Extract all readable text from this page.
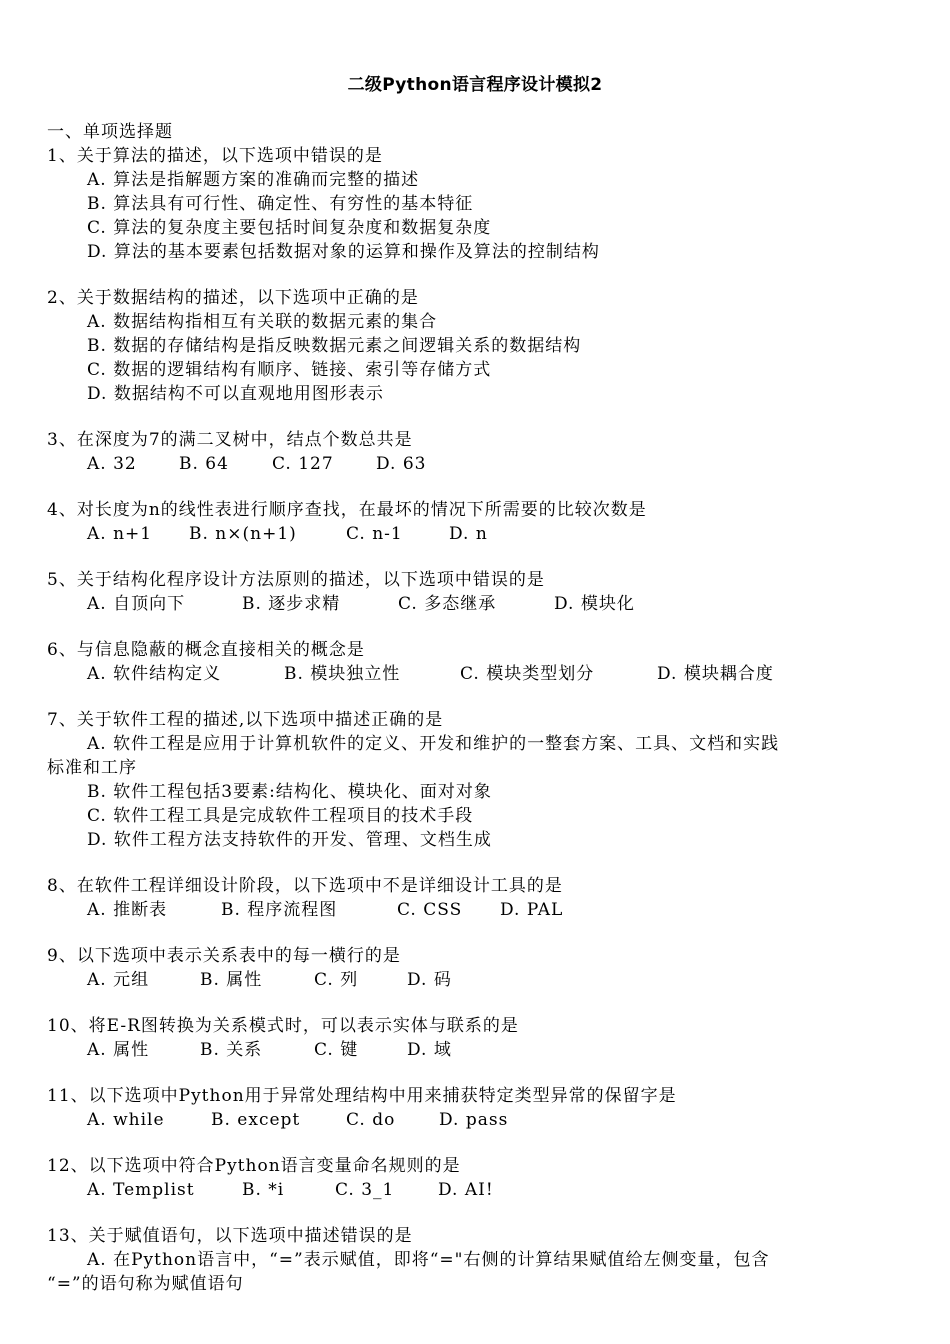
二级Python语言程序设计模拟2
一、单项选择题
1、关于算法的描述，以下选项中错误的是
A. 算法是指解题方案的准确而完整的描述
B. 算法具有可行性、确定性、有穷性的基本特征
C. 算法的复杂度主要包括时间复杂度和数据复杂度
D. 算法的基本要素包括数据对象的运算和操作及算法的控制结构
2、关于数据结构的描述，以下选项中正确的是
A. 数据结构指相互有关联的数据元素的集合
B. 数据的存储结构是指反映数据元素之间逻辑关系的数据结构
C. 数据的逻辑结构有顺序、链接、索引等存储方式
D. 数据结构不可以直观地用图形表示
3、在深度为7的满二叉树中，结点个数总共是
A. 32 B. 64	C. 127 D. 63
4、对长度为n的线性表进行顺序查找，在最坏的情况下所需要的比较次数是
A. n+1 B. n×(n+1)	C. n-1	D. n
5、关于结构化程序设计方法原则的描述，以下选项中错误的是
A. 自顶向下	B. 逐步求精	C. 多态继承	D. 模块化
6、与信息隐蔽的概念直接相关的概念是
A. 软件结构定义	B. 模块独立性	C. 模块类型划分	D. 模块耦合度
7、关于软件工程的描述,以下选项中描述正确的是
A. 软件工程是应用于计算机软件的定义、开发和维护的一整套方案、工具、文档和实践
标准和工序
B. 软件工程包括3要素:结构化、模块化、面对对象
C. 软件工程工具是完成软件工程项目的技术手段
D. 软件工程方法支持软件的开发、管理、文档生成
8、在软件工程详细设计阶段，以下选项中不是详细设计工具的是
A. 推断表	B. 程序流程图	C. CSS D. PAL
9、以下选项中表示关系表中的每一横行的是
A. 元组	B. 属性	C. 列	D. 码
10、将E-R图转换为关系模式时，可以表示实体与联系的是
A. 属性	B. 关系	C. 键	D. 域
11、以下选项中Python用于异常处理结构中用来捕获特定类型异常的保留字是
A. while	B. except	C. do	D. pass
12、以下选项中符合Python语言变量命名规则的是
A. Templist	B. *i	C. 3_1	D. AI!
13、关于赋值语句，以下选项中描述错误的是
A. 在Python语言中，“=”表示赋值，即将“="右侧的计算结果赋值给左侧变量，包含
“=”的语句称为赋值语句
